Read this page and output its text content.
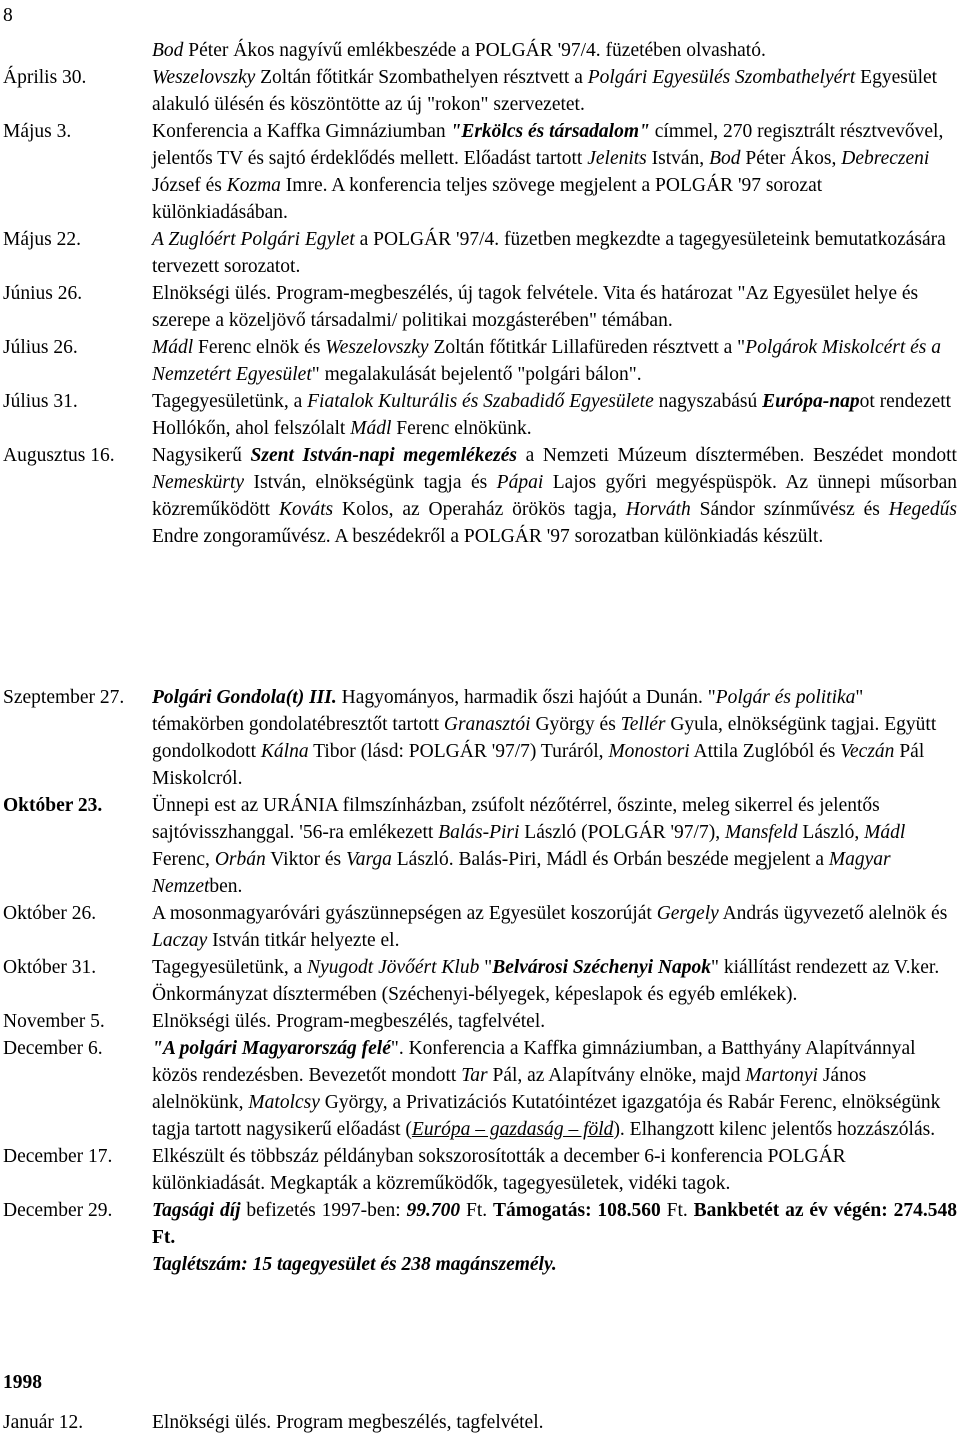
8
Bod Péter Ákos nagyívű emlékbeszéde a POLGÁR '97/4. füzetében olvasható.
Április 30.	Weszelovszky Zoltán főtitkár Szombathelyen résztvett a Polgári Egyesülés Szombathelyért Egyesület alakuló ülésén és köszöntötte az új "rokon" szervezetet.
Május 3.	Konferencia a Kaffka Gimnáziumban "Erkölcs és társadalom" címmel, 270 regisztrált résztvevővel, jelentős TV és sajtó érdeklődés mellett. Előadást tartott Jelenits István, Bod Péter Ákos, Debreczeni József és Kozma Imre. A konferencia teljes szövege megjelent a POLGÁR '97 sorozat különkiadásában.
Május 22.	A Zuglóért Polgári Egylet a POLGÁR '97/4. füzetben megkezdte a tagegyesületeink bemutatkozására tervezett sorozatot.
Június 26.	Elnökségi ülés. Program-megbeszélés, új tagok felvétele. Vita és határozat "Az Egyesület helye és szerepe a közeljövő társadalmi/ politikai mozgásterében" témában.
Július 26.	Mádl Ferenc elnök és Weszelovszky Zoltán főtitkár Lillafüreden résztvett a "Polgárok Miskolcért és a Nemzetért Egyesület" megalakulását bejelentő "polgári bálon".
Július 31.	Tagegyesületünk, a Fiatalok Kulturális és Szabadidő Egyesülete nagyszabású Európa-napot rendezett Hollókőn, ahol felszólalt Mádl Ferenc elnökünk.
Augusztus 16.	Nagysikerű Szent István-napi megemlékezés a Nemzeti Múzeum dísztermében. Beszédet mondott Nemeskürty István, elnökségünk tagja és Pápai Lajos győri megyéspüspök. Az ünnepi műsorban közreműködött Kováts Kolos, az Operaház örökös tagja, Horváth Sándor színművész és Hegedűs Endre zongoraművész. A beszédekről a POLGÁR '97 sorozatban különkiadás készült.
Szeptember 27.	Polgári Gondola(t) III. Hagyományos, harmadik őszi hajóút a Dunán. "Polgár és politika" témakörben gondolatébresztőt tartott Granasztói György és Tellér Gyula, elnökségünk tagjai. Együtt gondolkodott Kálna Tibor (lásd: POLGÁR '97/7) Turáról, Monostori Attila Zuglóból és Veczán Pál Miskolcról.
Október 23.	Ünnepi est az URÁNIA filmszínházban, zsúfolt nézőtérrel, őszinte, meleg sikerrel és jelentős sajtóvisszhanggal. '56-ra emlékezett Balás-Piri László (POLGÁR '97/7), Mansfeld László, Mádl Ferenc, Orbán Viktor és Varga László. Balás-Piri, Mádl és Orbán beszéde megjelent a Magyar Nemzetben.
Október 26.	A mosonmagyaróvári gyászünnepségen az Egyesület koszorúját Gergely András ügyvezető alelnök és Laczay István titkár helyezte el.
Október 31.	Tagegyesületünk, a Nyugodt Jövőért Klub "Belvárosi Széchenyi Napok" kiállítást rendezett az V.ker. Önkormányzat dísztermében (Széchenyi-bélyegek, képeslapok és egyéb emlékek).
November 5.	Elnökségi ülés. Program-megbeszélés, tagfelvétel.
December 6.	"A polgári Magyarország felé". Konferencia a Kaffka gimnáziumban, a Batthyány Alapítvánnyal közös rendezésben. Bevezetőt mondott Tar Pál, az Alapítvány elnöke, majd Martonyi János alelnökünk, Matolcsy György, a Privatizációs Kutatóintézet igazgatója és Rabár Ferenc, elnökségünk tagja tartott nagysikerű előadást (Európa – gazdaság – föld). Elhangzott kilenc jelentős hozzászólás.
December 17.	Elkészült és többszáz példányban sokszorosították a december 6-i konferencia POLGÁR különkiadását. Megkapták a közreműködők, tagegyesületek, vidéki tagok.
December 29.	Tagsági díj befizetés 1997-ben: 99.700 Ft. Támogatás: 108.560 Ft. Bankbetét az év végén: 274.548 Ft.
Taglétszám: 15 tagegyesület és 238 magánszemély.
1998
Január 12.	Elnökségi ülés. Program megbeszélés, tagfelvétel.
